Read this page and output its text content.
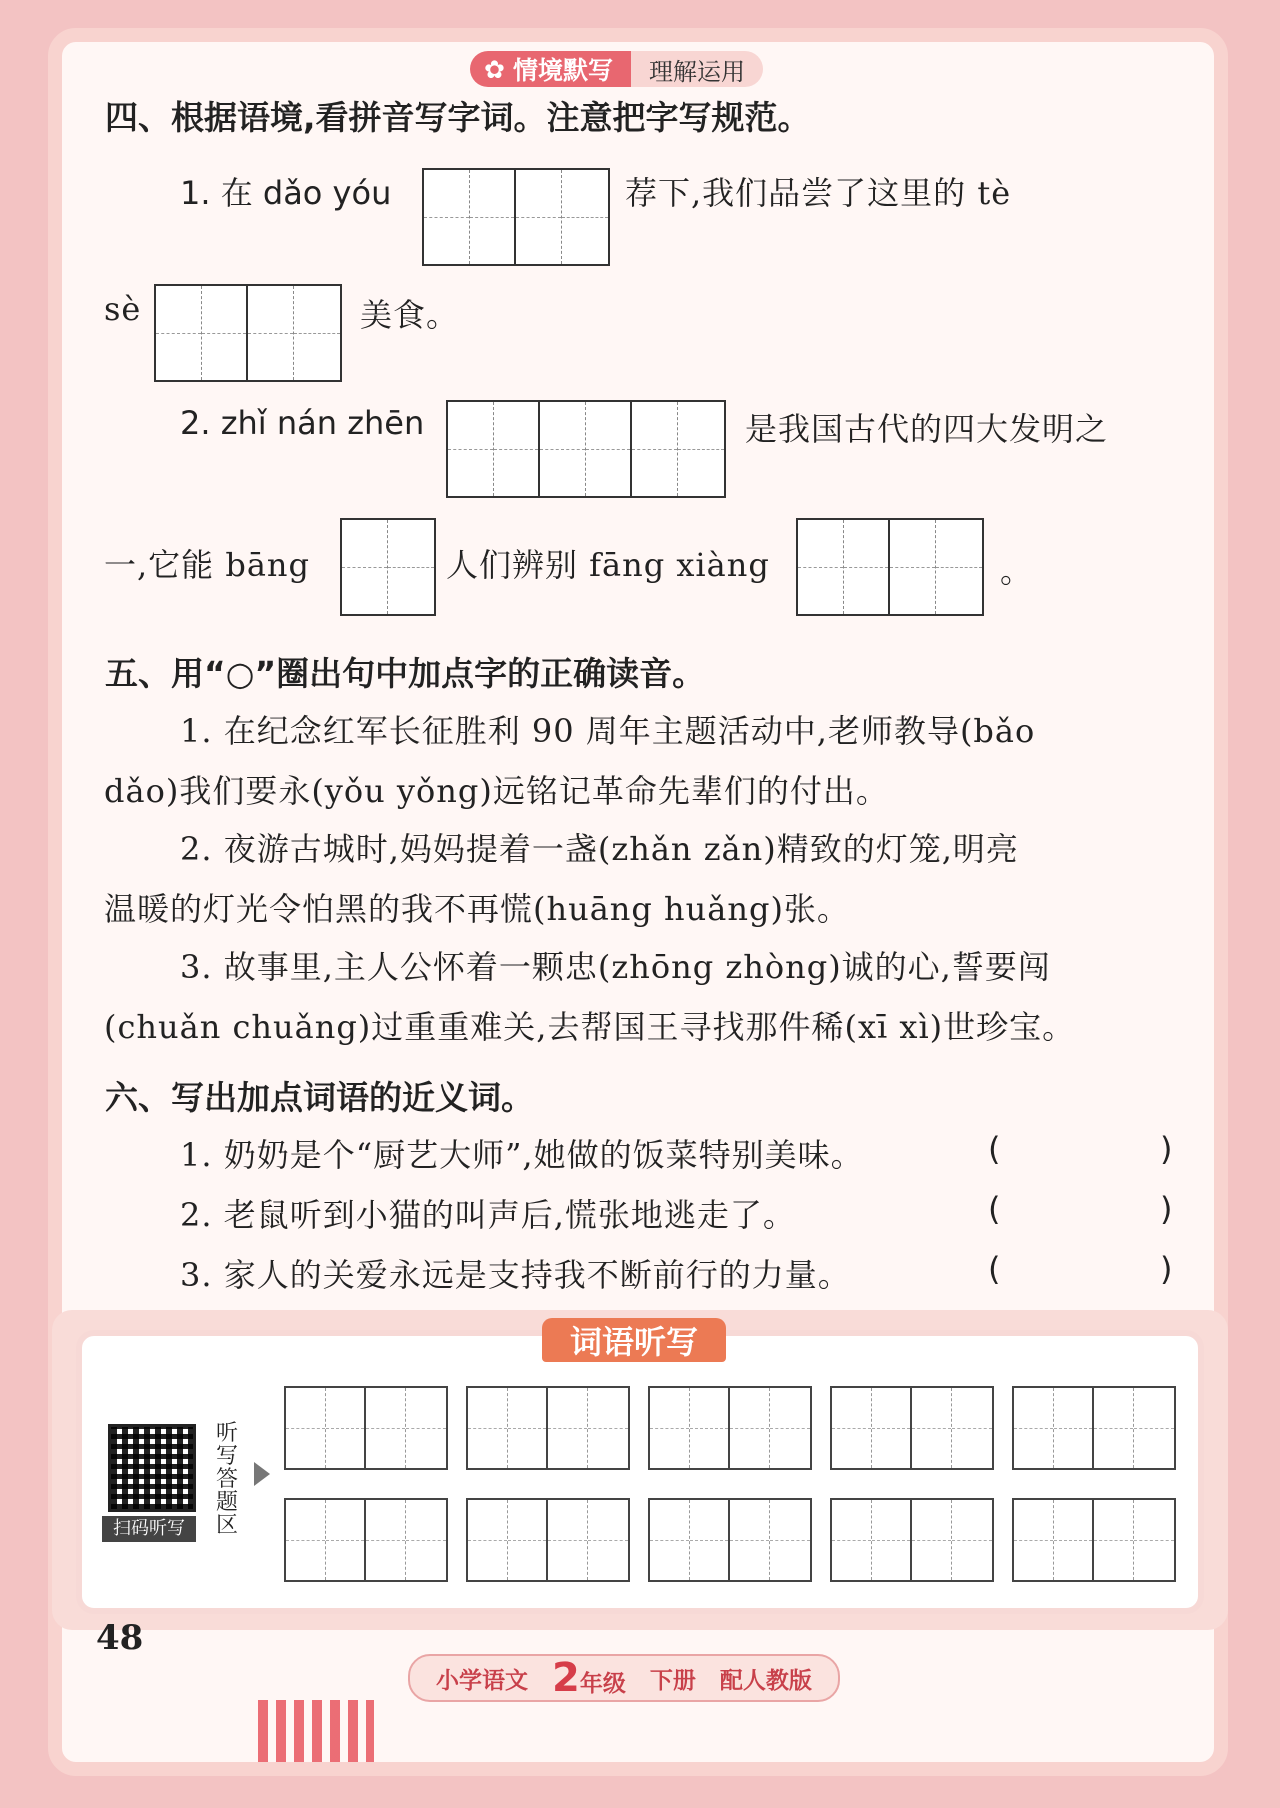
✿ 情境默写 理解运用
四、根据语境,看拼音写字词。注意把字写规范。
1. 在 dǎo yóu	荐下,我们品尝了这里的 tè
sè	美食。
2. zhǐ nán zhēn	是我国古代的四大发明之
一,它能 bāng	人们辨别 fāng xiàng	。
五、用“○”圈出句中加点字的正确读音。
1. 在纪念红军长征胜利 90 周年主题活动中,老师教导(bǎo
dǎo)我们要永(yǒu yǒng)远铭记革命先辈们的付出。
2. 夜游古城时,妈妈提着一盏(zhǎn zǎn)精致的灯笼,明亮
温暖的灯光令怕黑的我不再慌(huāng huǎng)张。
3. 故事里,主人公怀着一颗忠(zhōng zhòng)诚的心,誓要闯
(chuǎn chuǎng)过重重难关,去帮国王寻找那件稀(xī xì)世珍宝。
六、写出加点词语的近义词。
1. 奶奶是个“厨艺大师”,她做的饭菜特别美味。	(	)
2. 老鼠听到小猫的叫声后,慌张地逃走了。	(	)
3. 家人的关爱永远是支持我不断前行的力量。	(	)
词语听写
扫码听写
听写答题区
48
小学语文 2年级 下册 配人教版
